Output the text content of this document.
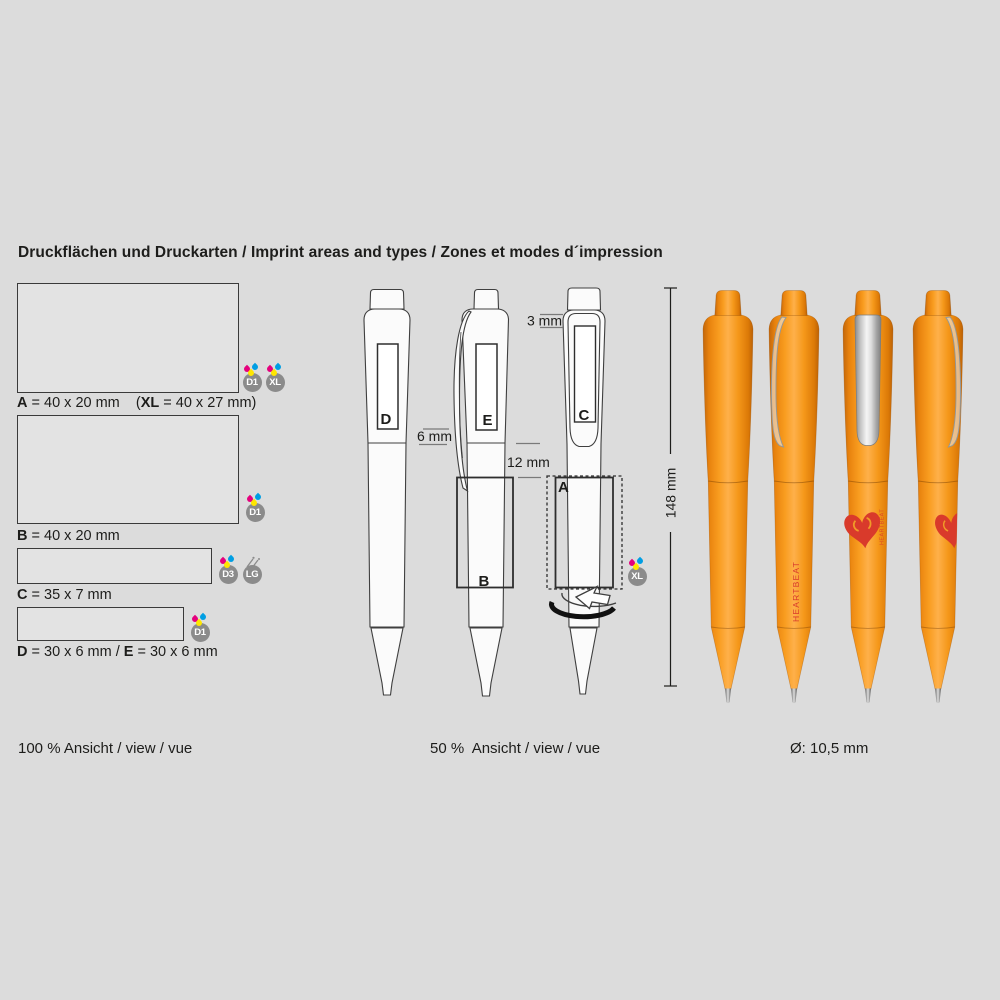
Druckflächen und Druckarten / Imprint areas and types / Zones et modes d´impression
A = 40 x 20 mm    (XL = 40 x 27 mm)
B = 40 x 20 mm
C = 35 x 7 mm
D = 30 x 6 mm / E = 30 x 6 mm
D1	XL
D1
D3	LG
D1
XL
D	E	C
B
A
3 mm
6 mm
12 mm
148 mm
HEARTBEAT
HEARTBEAT
100 % Ansicht / view / vue	50 %  Ansicht / view / vue	Ø: 10,5 mm
